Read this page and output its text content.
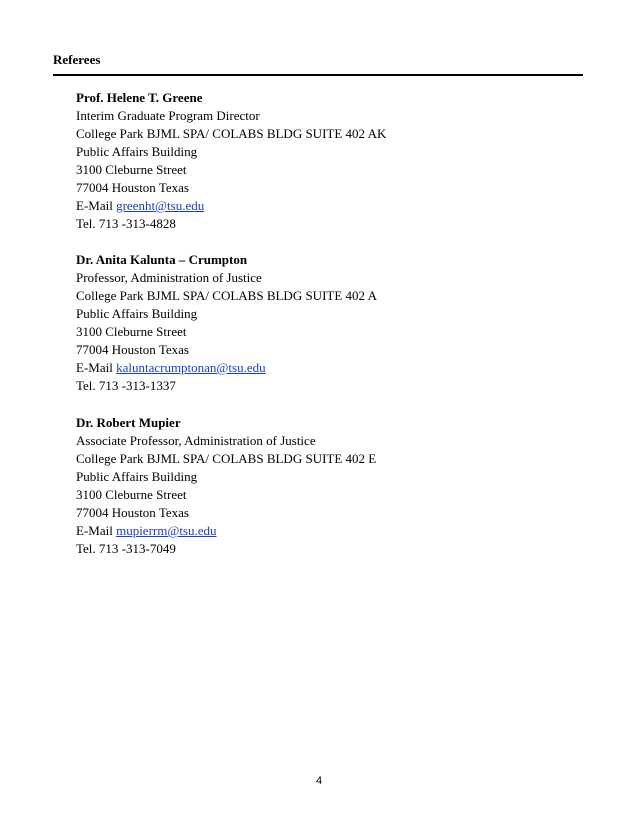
Referees
Prof. Helene T. Greene
Interim Graduate Program Director
College Park BJML SPA/ COLABS BLDG SUITE 402 AK
Public Affairs Building
3100 Cleburne Street
77004 Houston Texas
E-Mail greenht@tsu.edu
Tel. 713 -313-4828
Dr. Anita Kalunta – Crumpton
Professor, Administration of Justice
College Park BJML SPA/ COLABS BLDG SUITE 402 A
Public Affairs Building
3100 Cleburne Street
77004 Houston Texas
E-Mail kaluntacrumptonan@tsu.edu
Tel. 713 -313-1337
Dr. Robert Mupier
Associate Professor, Administration of Justice
College Park BJML SPA/ COLABS BLDG SUITE 402 E
Public Affairs Building
3100 Cleburne Street
77004 Houston Texas
E-Mail mupierrm@tsu.edu
Tel. 713 -313-7049
4
